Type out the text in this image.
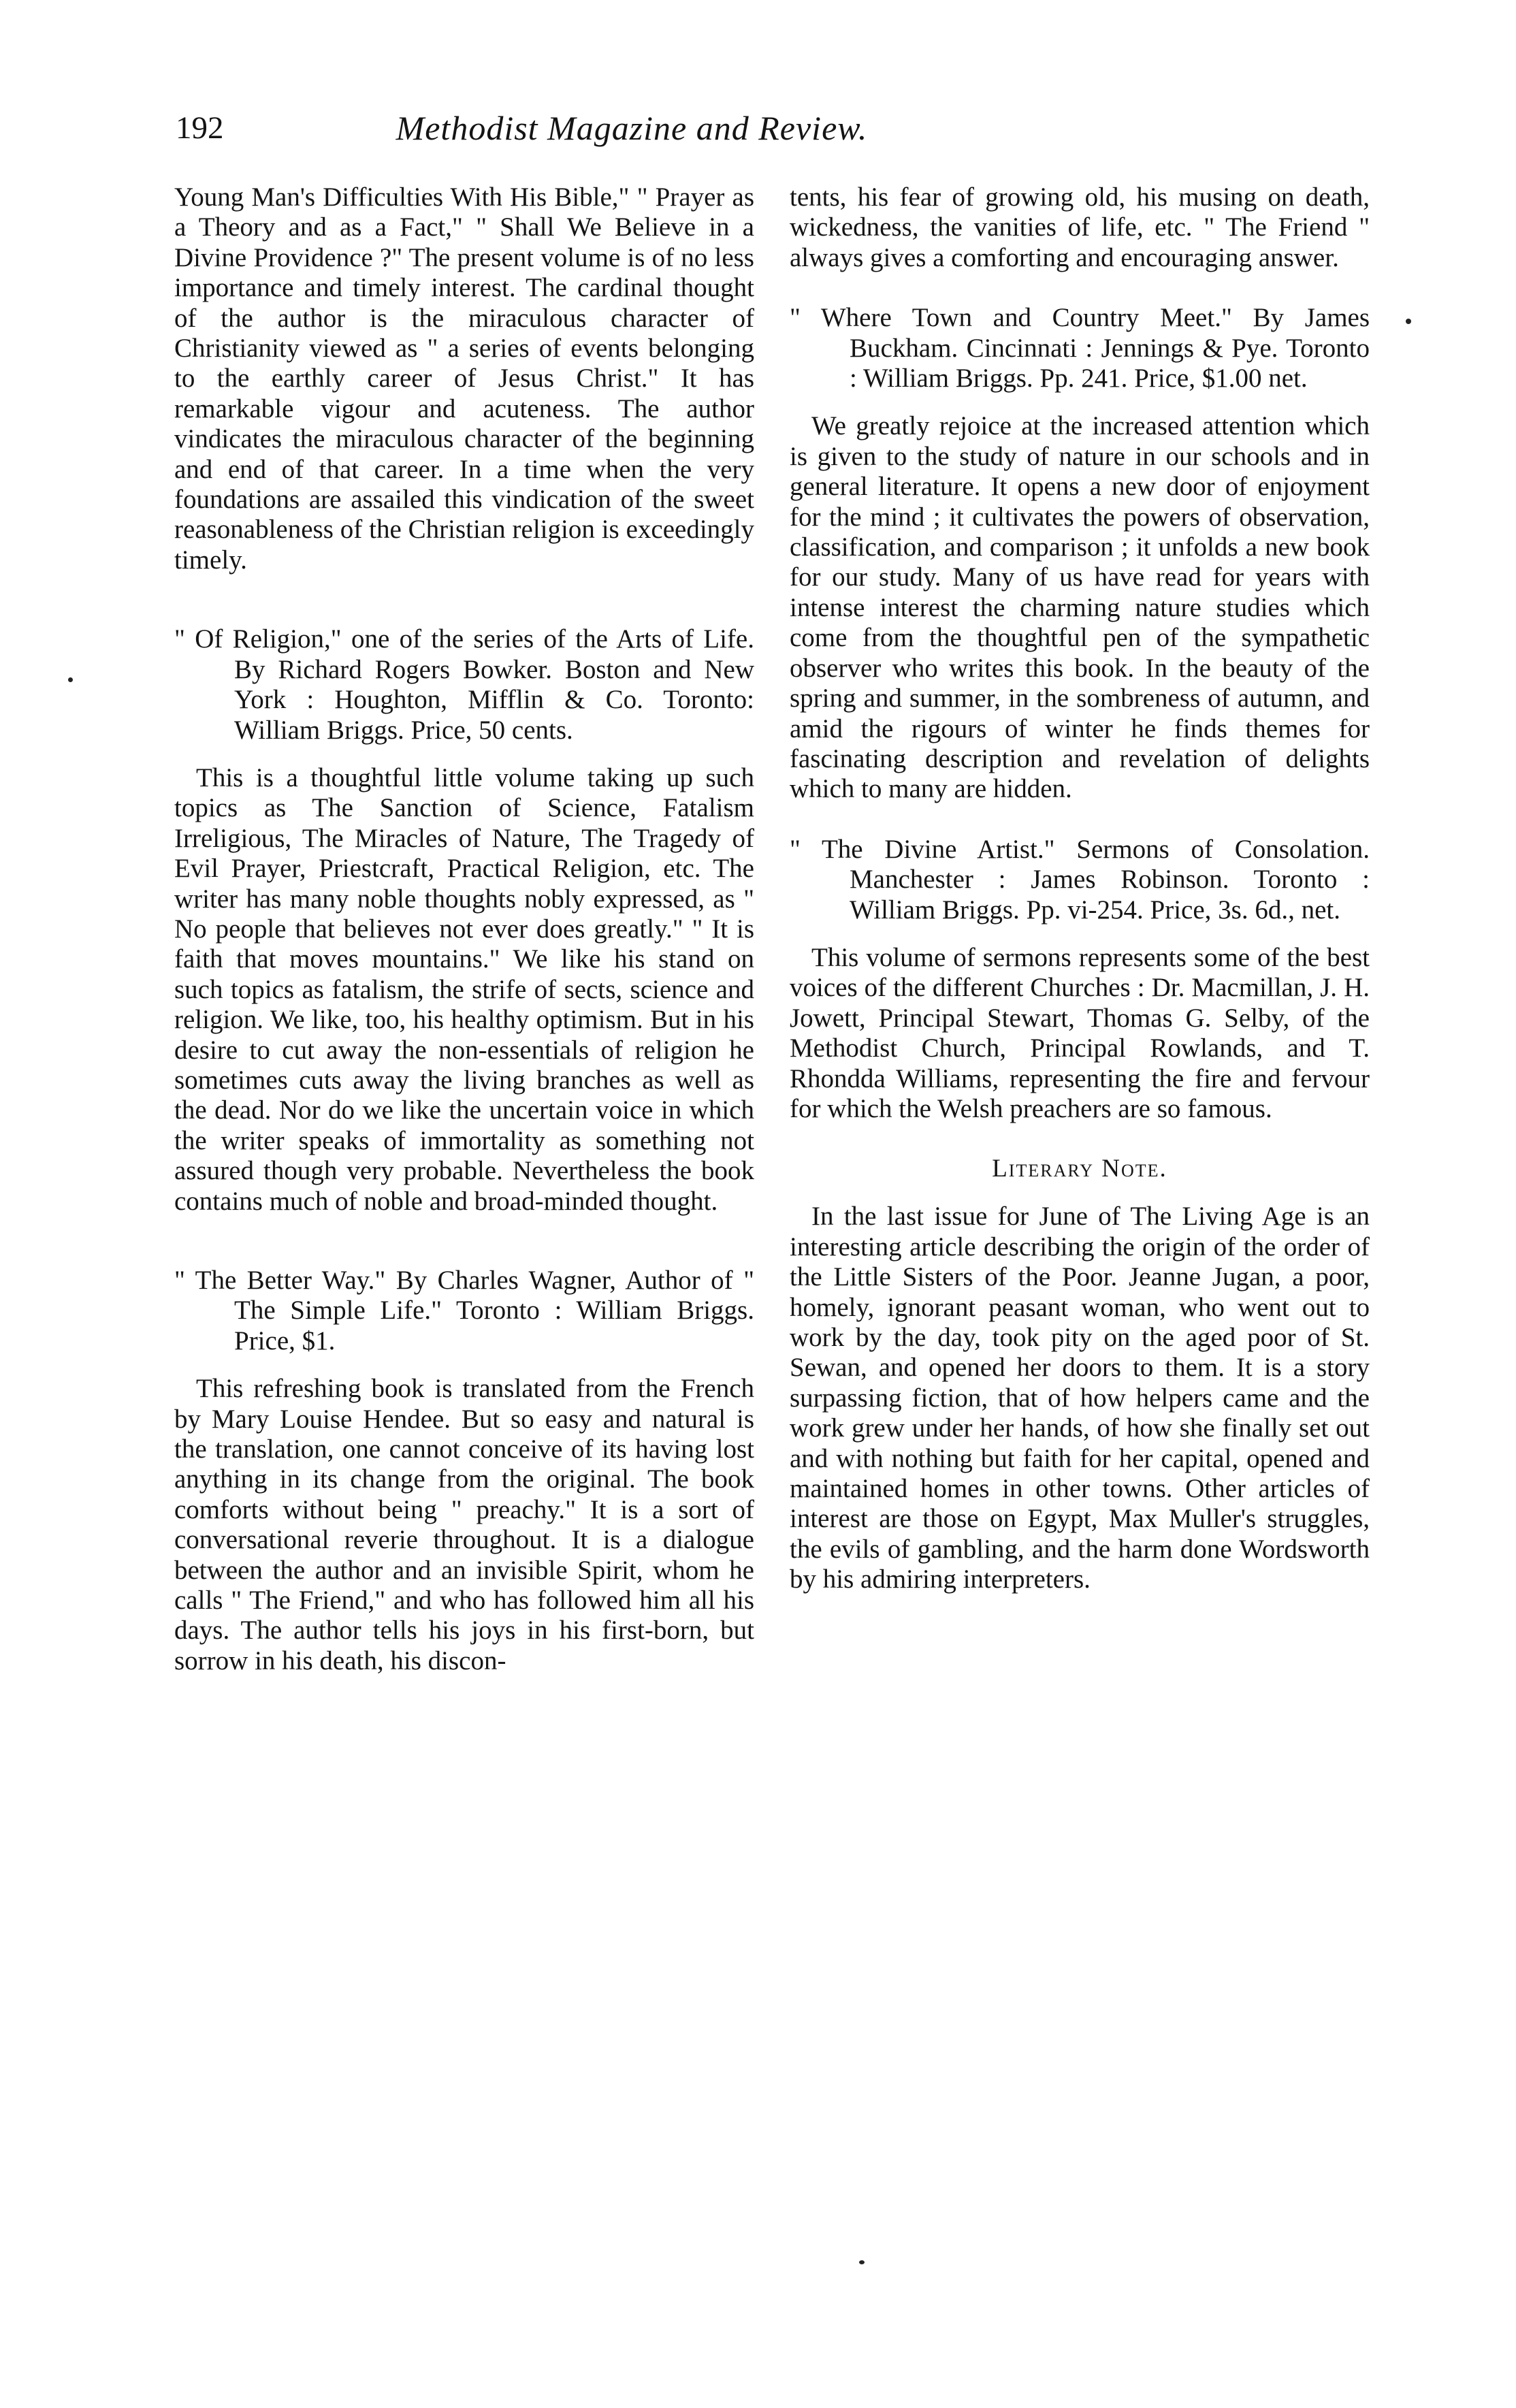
192	Methodist Magazine and Review.

Young Man's Difficulties With His Bible," " Prayer as a Theory and as a Fact," " Shall We Believe in a Divine Providence ?" The present volume is of no less importance and timely interest. The cardinal thought of the author is the miraculous character of Christianity viewed as " a series of events belonging to the earthly career of Jesus Christ." It has remarkable vigour and acuteness. The author vindicates the miraculous character of the beginning and end of that career. In a time when the very foundations are assailed this vindication of the sweet reasonableness of the Christian religion is exceedingly timely.

" Of Religion," one of the series of the Arts of Life. By Richard Rogers Bowker. Boston and New York : Houghton, Mifflin & Co. Toronto: William Briggs. Price, 50 cents.

This is a thoughtful little volume taking up such topics as The Sanction of Science, Fatalism Irreligious, The Miracles of Nature, The Tragedy of Evil Prayer, Priestcraft, Practical Religion, etc. The writer has many noble thoughts nobly expressed, as " No people that believes not ever does greatly." " It is faith that moves mountains." We like his stand on such topics as fatalism, the strife of sects, science and religion. We like, too, his healthy optimism. But in his desire to cut away the non-essentials of religion he sometimes cuts away the living branches as well as the dead. Nor do we like the uncertain voice in which the writer speaks of immortality as something not assured though very probable. Nevertheless the book contains much of noble and broad-minded thought.

" The Better Way." By Charles Wagner, Author of " The Simple Life." Toronto : William Briggs. Price, $1.

This refreshing book is translated from the French by Mary Louise Hendee. But so easy and natural is the translation, one cannot conceive of its having lost anything in its change from the original. The book comforts without being " preachy." It is a sort of conversational reverie throughout. It is a dialogue between the author and an invisible Spirit, whom he calls " The Friend," and who has followed him all his days. The author tells his joys in his first-born, but sorrow in his death, his discon-

tents, his fear of growing old, his musing on death, wickedness, the vanities of life, etc. " The Friend " always gives a comforting and encouraging answer.

" Where Town and Country Meet." By James Buckham. Cincinnati : Jennings & Pye. Toronto : William Briggs. Pp. 241. Price, $1.00 net.

We greatly rejoice at the increased attention which is given to the study of nature in our schools and in general literature. It opens a new door of enjoyment for the mind ; it cultivates the powers of observation, classification, and comparison ; it unfolds a new book for our study. Many of us have read for years with intense interest the charming nature studies which come from the thoughtful pen of the sympathetic observer who writes this book. In the beauty of the spring and summer, in the sombreness of autumn, and amid the rigours of winter he finds themes for fascinating description and revelation of delights which to many are hidden.

" The Divine Artist." Sermons of Consolation. Manchester : James Robinson. Toronto : William Briggs. Pp. vi-254. Price, 3s. 6d., net.

This volume of sermons represents some of the best voices of the different Churches : Dr. Macmillan, J. H. Jowett, Principal Stewart, Thomas G. Selby, of the Methodist Church, Principal Rowlands, and T. Rhondda Williams, representing the fire and fervour for which the Welsh preachers are so famous.

Literary Note.

In the last issue for June of The Living Age is an interesting article describing the origin of the order of the Little Sisters of the Poor. Jeanne Jugan, a poor, homely, ignorant peasant woman, who went out to work by the day, took pity on the aged poor of St. Sewan, and opened her doors to them. It is a story surpassing fiction, that of how helpers came and the work grew under her hands, of how she finally set out and with nothing but faith for her capital, opened and maintained homes in other towns. Other articles of interest are those on Egypt, Max Muller's struggles, the evils of gambling, and the harm done Wordsworth by his admiring interpreters.
